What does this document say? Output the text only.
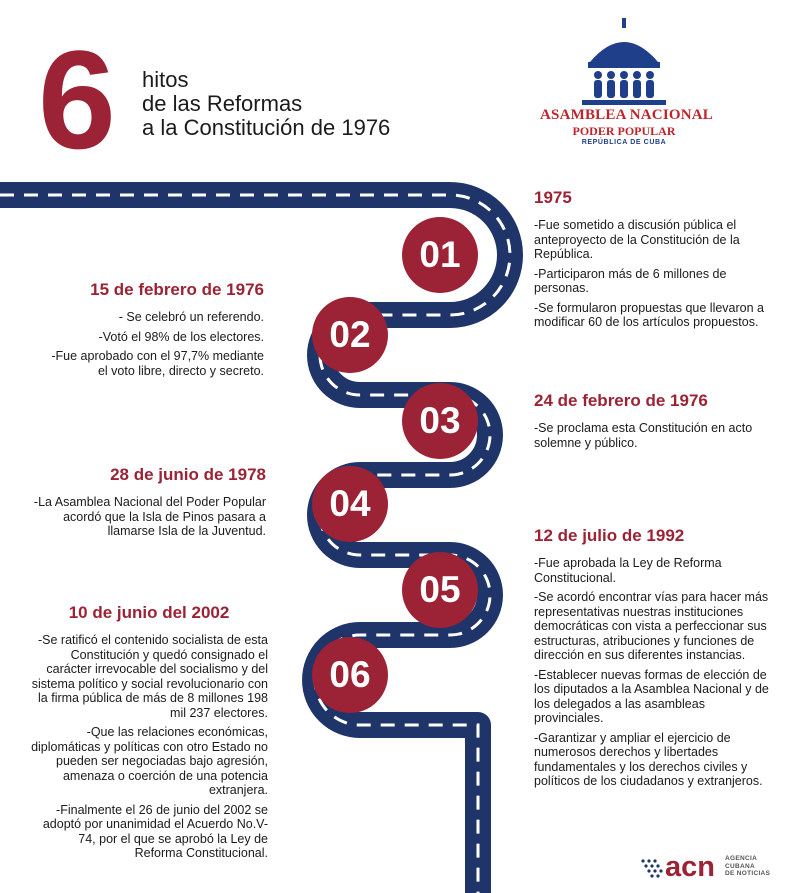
6 hitos
de las Reformas
a la Constitución de 1976	ASAMBLEA NACIONAL
PODER POPULAR
REPÚBLICA DE CUBA
01
02
03
04
05
06
1975

-Fue sometido a discusión pública el anteproyecto de la Constitución de la República.

-Participaron más de 6 millones de personas.

-Se formularon propuestas que llevaron a modificar 60 de los artículos propuestos.

15 de febrero de 1976

- Se celebró un referendo.

-Votó el 98% de los electores.

-Fue aprobado con el 97,7% mediante el voto libre, directo y secreto.

24 de febrero de 1976

-Se proclama esta Constitución en acto solemne y público.

28 de junio de 1978

-La Asamblea Nacional del Poder Popular acordó que la Isla de Pinos pasara a llamarse Isla de la Juventud.	12 de julio de 1992

-Fue aprobada la Ley de Reforma Constitucional.

-Se acordó encontrar vías para hacer más representativas nuestras instituciones democráticas con vista a perfeccionar sus estructuras, atribuciones y funciones de dirección en sus diferentes instancias.

-Establecer nuevas formas de elección de los diputados a la Asamblea Nacional y de los delegados a las asambleas provinciales.

-Garantizar y ampliar el ejercicio de numerosos derechos y libertades fundamentales y los derechos civiles y políticos de los ciudadanos y extranjeros.

10 de junio del 2002

-Se ratificó el contenido socialista de esta Constitución y quedó consignado el carácter irrevocable del socialismo y del sistema político y social revolucionario con la firma pública de más de 8 millones 198 mil 237 electores.

-Que las relaciones económicas, diplomáticas y políticas con otro Estado no pueden ser negociadas bajo agresión, amenaza o coerción de una potencia extranjera.

-Finalmente el 26 de junio del 2002 se adoptó por unanimidad el Acuerdo No.V-74, por el que se aprobó la Ley de Reforma Constitucional.	acn AGENCIA
CUBANA
DE NOTICIAS
